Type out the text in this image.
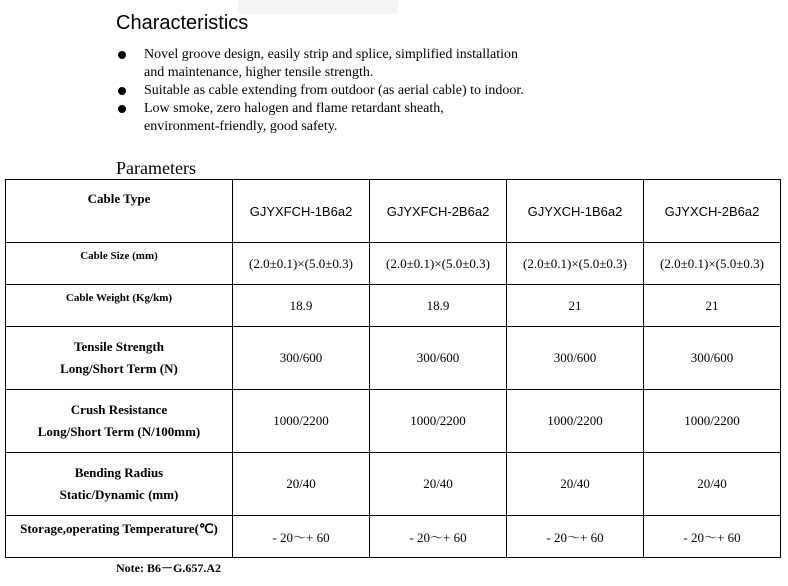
Characteristics
Novel groove design, easily strip and splice, simplified installation
and maintenance, higher tensile strength.
Suitable as cable extending from outdoor (as aerial cable) to indoor.
Low smoke, zero halogen and flame retardant sheath,
environment-friendly, good safety.
Parameters
Cable Type	GJYXFCH-1B6a2	GJYXFCH-2B6a2	GJYXCH-1B6a2	GJYXCH-2B6a2
Cable Size (mm)	(2.0±0.1)×(5.0±0.3)	(2.0±0.1)×(5.0±0.3)	(2.0±0.1)×(5.0±0.3)	(2.0±0.1)×(5.0±0.3)
Cable Weight (Kg/km)	18.9	18.9	21	21

Tensile Strength
Long/Short Term (N)	300/600	300/600	300/600	300/600

Crush Resistance
Long/Short Term (N/100mm)	1000/2200	1000/2200	1000/2200	1000/2200

Bending Radius
Static/Dynamic (mm)	20/40	20/40	20/40	20/40
Storage,operating Temperature(℃)	- 20～+ 60	- 20～+ 60	- 20～+ 60	- 20～+ 60
Note: B6－G.657.A2
